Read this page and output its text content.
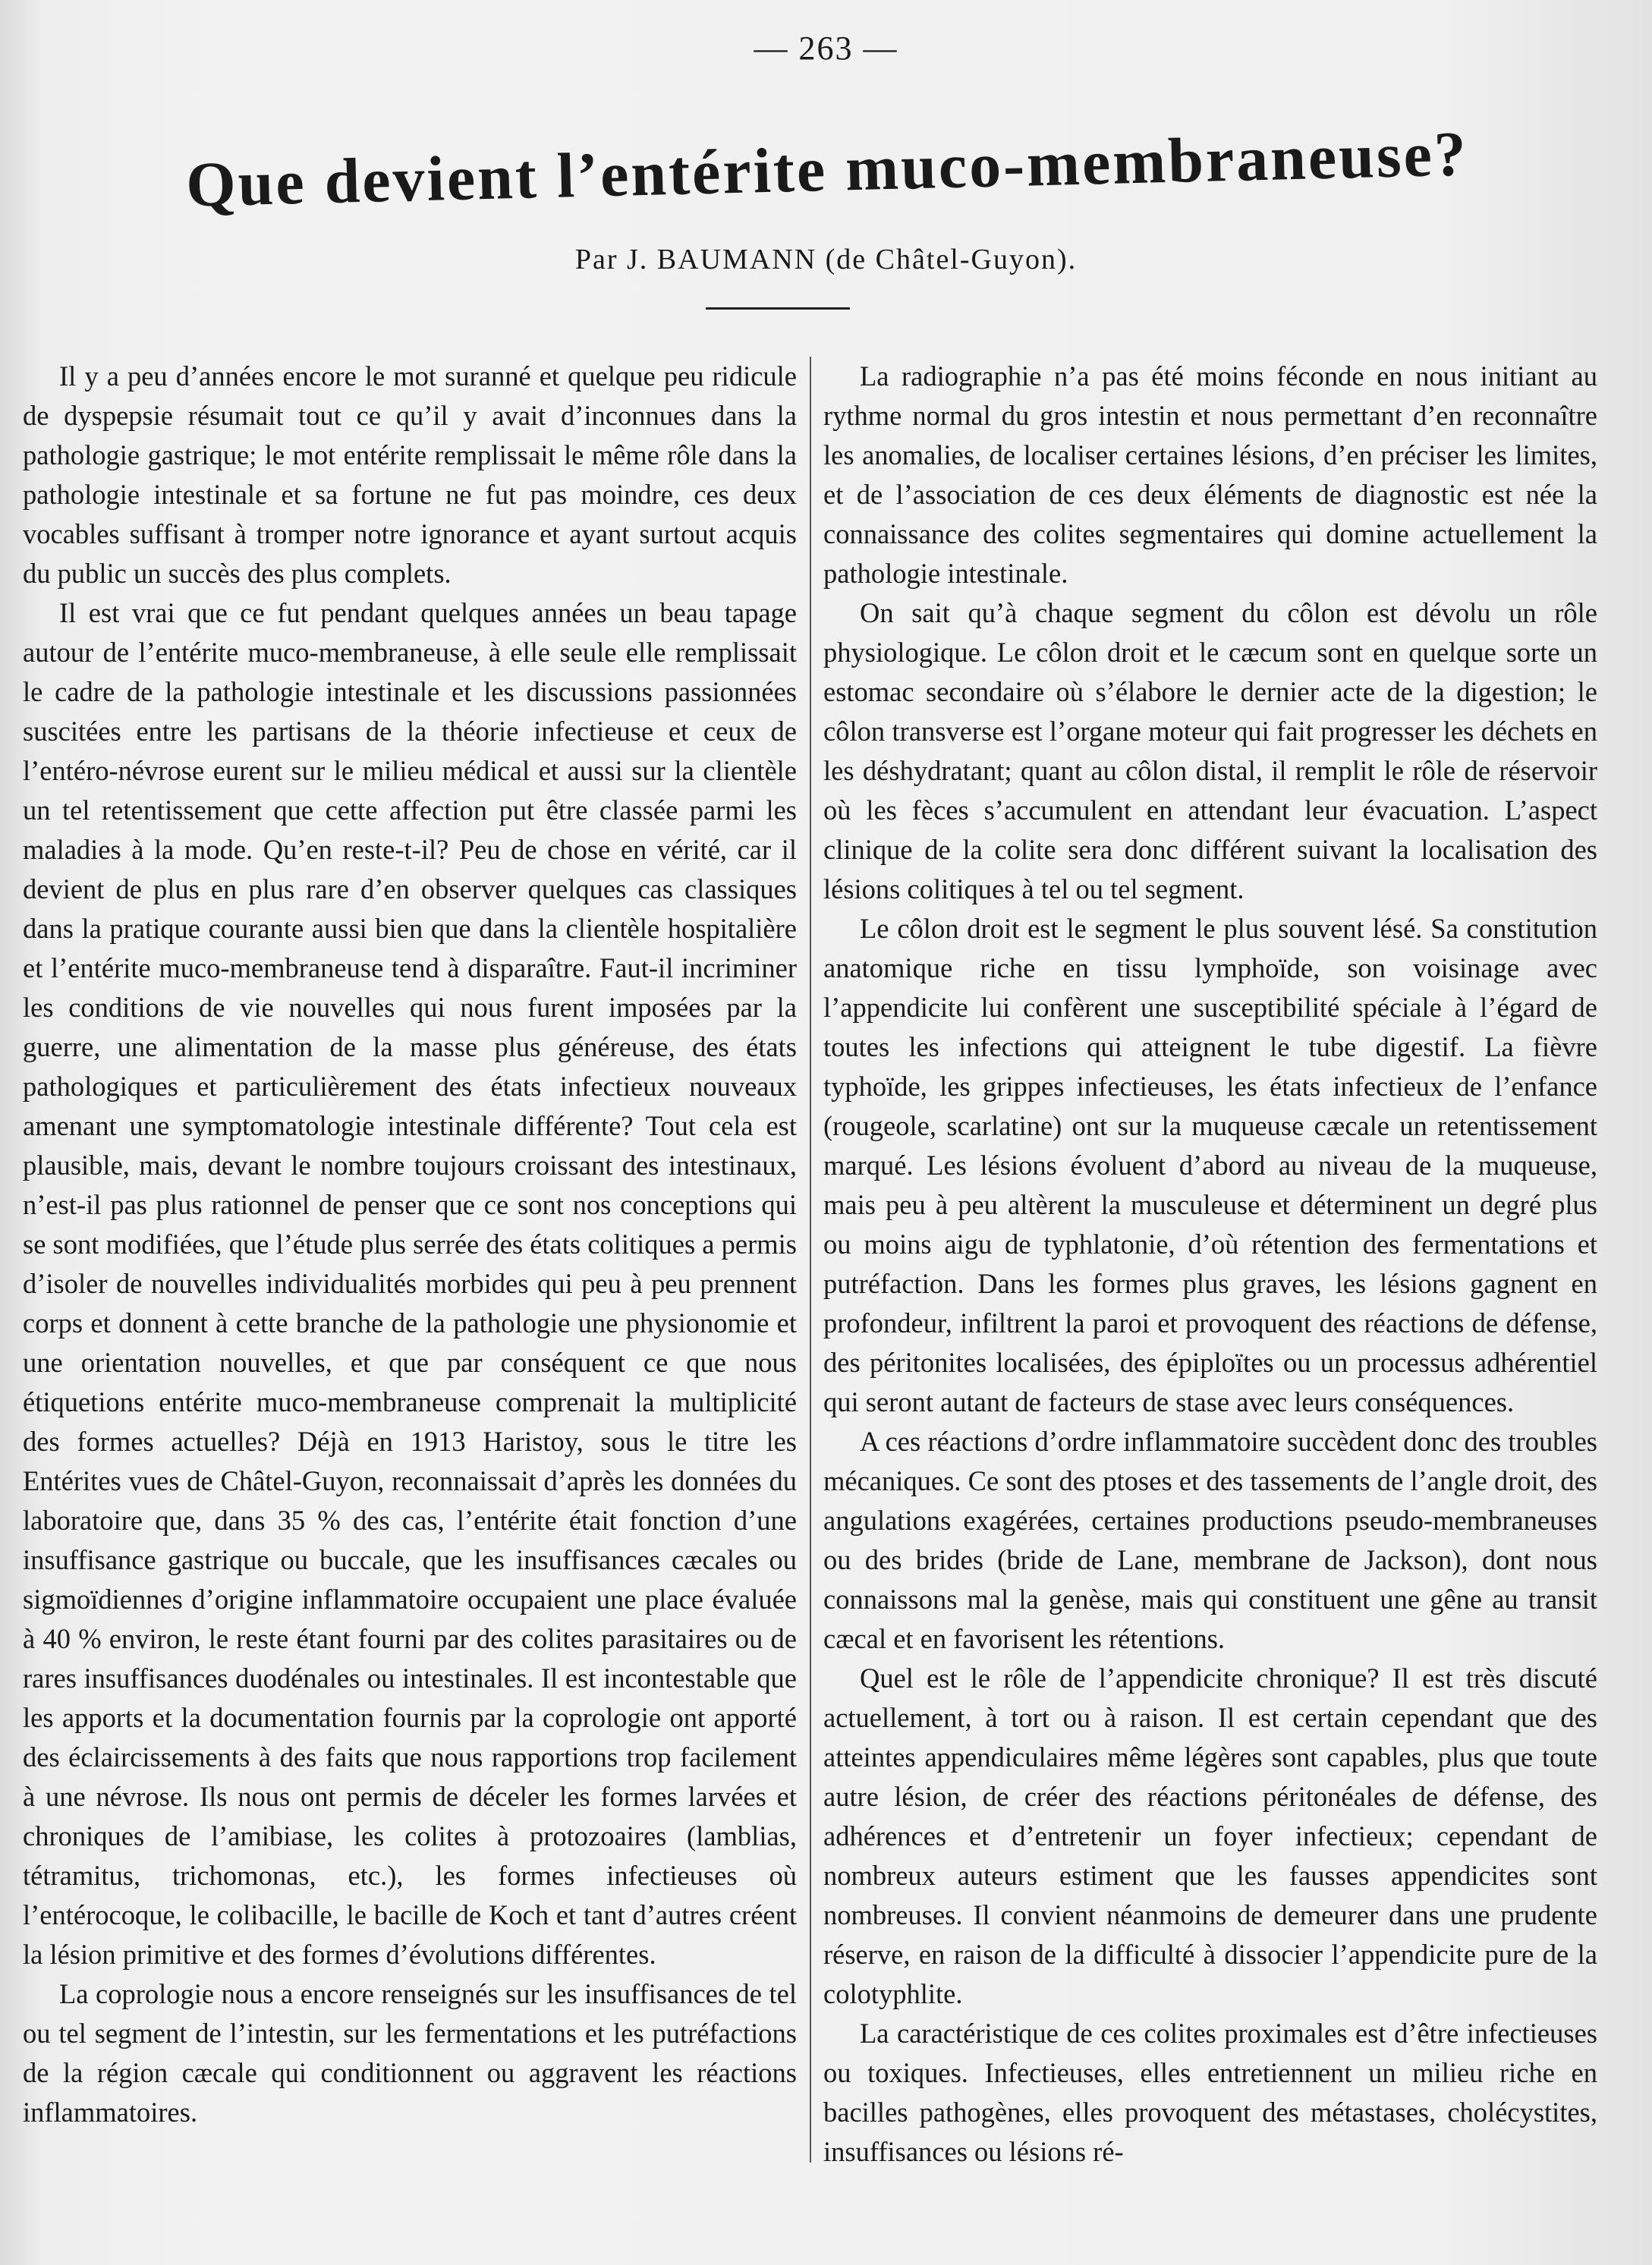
— 263 —
Que devient l’entérite muco-membraneuse?
Par J. BAUMANN (de Châtel-Guyon).

Il y a peu d’années encore le mot suranné et quelque peu ridicule de dyspepsie résumait tout ce qu’il y avait d’inconnues dans la pathologie gastrique; le mot entérite remplissait le même rôle dans la pathologie intestinale et sa fortune ne fut pas moindre, ces deux vocables suffisant à tromper notre ignorance et ayant surtout acquis du public un succès des plus complets.

Il est vrai que ce fut pendant quelques années un beau tapage autour de l’entérite muco-membraneuse, à elle seule elle remplissait le cadre de la pathologie intestinale et les discussions passionnées suscitées entre les partisans de la théorie infectieuse et ceux de l’entéro-névrose eurent sur le milieu médical et aussi sur la clientèle un tel retentissement que cette affection put être classée parmi les maladies à la mode. Qu’en reste-t-il? Peu de chose en vérité, car il devient de plus en plus rare d’en observer quelques cas classiques dans la pratique courante aussi bien que dans la clientèle hospitalière et l’entérite muco-membraneuse tend à disparaître. Faut-il incriminer les conditions de vie nouvelles qui nous furent imposées par la guerre, une alimentation de la masse plus généreuse, des états pathologiques et particulièrement des états infectieux nouveaux amenant une symptomatologie intestinale différente? Tout cela est plausible, mais, devant le nombre toujours croissant des intestinaux, n’est-il pas plus rationnel de penser que ce sont nos conceptions qui se sont modifiées, que l’étude plus serrée des états colitiques a permis d’isoler de nouvelles individualités morbides qui peu à peu prennent corps et donnent à cette branche de la pathologie une physionomie et une orientation nouvelles, et que par conséquent ce que nous étiquetions entérite muco-membraneuse comprenait la multiplicité des formes actuelles? Déjà en 1913 Haristoy, sous le titre les Entérites vues de Châtel-Guyon, reconnaissait d’après les données du laboratoire que, dans 35 % des cas, l’entérite était fonction d’une insuffisance gastrique ou buccale, que les insuffisances cæcales ou sigmoïdiennes d’origine inflammatoire occupaient une place évaluée à 40 % environ, le reste étant fourni par des colites parasitaires ou de rares insuffisances duodénales ou intestinales. Il est incontestable que les apports et la documentation fournis par la coprologie ont apporté des éclaircissements à des faits que nous rapportions trop facilement à une névrose. Ils nous ont permis de déceler les formes larvées et chroniques de l’amibiase, les colites à protozoaires (lamblias, tétramitus, trichomonas, etc.), les formes infectieuses où l’entérocoque, le colibacille, le bacille de Koch et tant d’autres créent la lésion primitive et des formes d’évolutions différentes.

La coprologie nous a encore renseignés sur les insuffisances de tel ou tel segment de l’intestin, sur les fermentations et les putréfactions de la région cæcale qui conditionnent ou aggravent les réactions inflammatoires.

La radiographie n’a pas été moins féconde en nous initiant au rythme normal du gros intestin et nous permettant d’en reconnaître les anomalies, de localiser certaines lésions, d’en préciser les limites, et de l’association de ces deux éléments de diagnostic est née la connaissance des colites segmentaires qui domine actuellement la pathologie intestinale.

On sait qu’à chaque segment du côlon est dévolu un rôle physiologique. Le côlon droit et le cæcum sont en quelque sorte un estomac secondaire où s’élabore le dernier acte de la digestion; le côlon transverse est l’organe moteur qui fait progresser les déchets en les déshydratant; quant au côlon distal, il remplit le rôle de réservoir où les fèces s’accumulent en attendant leur évacuation. L’aspect clinique de la colite sera donc différent suivant la localisation des lésions colitiques à tel ou tel segment.

Le côlon droit est le segment le plus souvent lésé. Sa constitution anatomique riche en tissu lymphoïde, son voisinage avec l’appendicite lui confèrent une susceptibilité spéciale à l’égard de toutes les infections qui atteignent le tube digestif. La fièvre typhoïde, les grippes infectieuses, les états infectieux de l’enfance (rougeole, scarlatine) ont sur la muqueuse cæcale un retentissement marqué. Les lésions évoluent d’abord au niveau de la muqueuse, mais peu à peu altèrent la musculeuse et déterminent un degré plus ou moins aigu de typhlatonie, d’où rétention des fermentations et putréfaction. Dans les formes plus graves, les lésions gagnent en profondeur, infiltrent la paroi et provoquent des réactions de défense, des péritonites localisées, des épiploïtes ou un processus adhérentiel qui seront autant de facteurs de stase avec leurs conséquences.

A ces réactions d’ordre inflammatoire succèdent donc des troubles mécaniques. Ce sont des ptoses et des tassements de l’angle droit, des angulations exagérées, certaines productions pseudo-membraneuses ou des brides (bride de Lane, membrane de Jackson), dont nous connaissons mal la genèse, mais qui constituent une gêne au transit cæcal et en favorisent les rétentions.

Quel est le rôle de l’appendicite chronique? Il est très discuté actuellement, à tort ou à raison. Il est certain cependant que des atteintes appendiculaires même légères sont capables, plus que toute autre lésion, de créer des réactions péritonéales de défense, des adhérences et d’entretenir un foyer infectieux; cependant de nombreux auteurs estiment que les fausses appendicites sont nombreuses. Il convient néanmoins de demeurer dans une prudente réserve, en raison de la difficulté à dissocier l’appendicite pure de la colotyphlite.

La caractéristique de ces colites proximales est d’être infectieuses ou toxiques. Infectieuses, elles entretiennent un milieu riche en bacilles pathogènes, elles provoquent des métastases, cholécystites, insuffisances ou lésions ré-
